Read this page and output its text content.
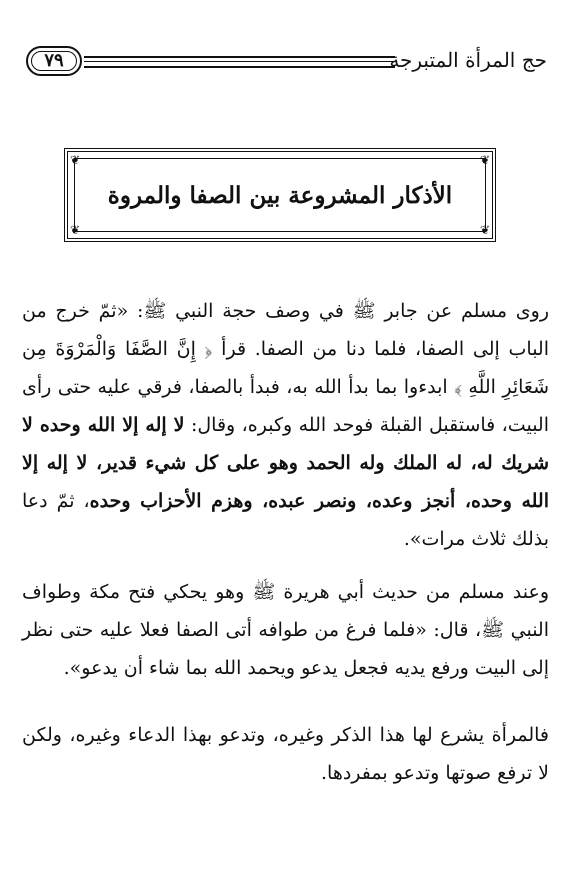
٧٩	حج المرأة المتبرجة
❦	❦
❦	❦
الأذكار المشروعة بين الصفا والمروة

روى مسلم عن جابر ﷺ في وصف حجة النبي ﷺ: «ثمّ خرج من الباب إلى الصفا، فلما دنا من الصفا. قرأ ﴿ إِنَّ الصَّفَا وَالْمَرْوَةَ مِن شَعَائِرِ اللَّهِ ﴾ ابدءوا بما بدأ الله به، فبدأ بالصفا، فرقي عليه حتى رأى البيت، فاستقبل القبلة فوحد الله وكبره، وقال: لا إله إلا الله وحده لا شريك له، له الملك وله الحمد وهو على كل شيء قدير، لا إله إلا الله وحده، أنجز وعده، ونصر عبده، وهزم الأحزاب وحده، ثمّ دعا بذلك ثلاث مرات».

وعند مسلم من حديث أبي هريرة ﷺ وهو يحكي فتح مكة وطواف النبي ﷺ، قال: «فلما فرغ من طوافه أتى الصفا فعلا عليه حتى نظر إلى البيت ورفع يديه فجعل يدعو ويحمد الله بما شاء أن يدعو».

فالمرأة يشرع لها هذا الذكر وغيره، وتدعو بهذا الدعاء وغيره، ولكن لا ترفع صوتها وتدعو بمفردها.
